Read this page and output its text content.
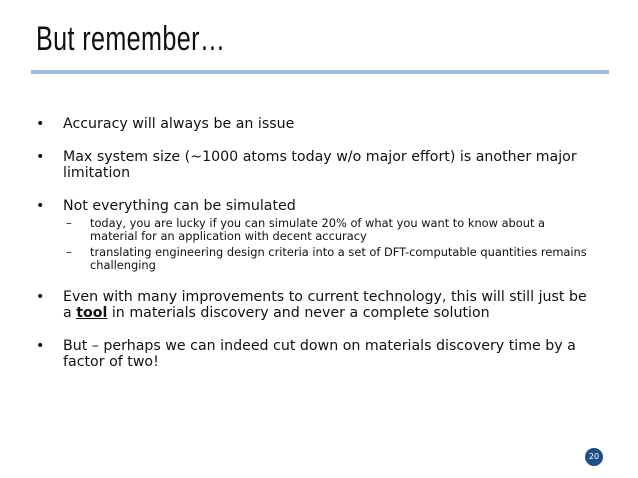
But remember…
• Accuracy will always be an issue
• Max system size (~1000 atoms today w/o major effort) is another major limitation
• Not everything can be simulated
– today, you are lucky if you can simulate 20% of what you want to know about a material for an application with decent accuracy
– translating engineering design criteria into a set of DFT-computable quantities remains challenging
• Even with many improvements to current technology, this will still just be a tool in materials discovery and never a complete solution
• But – perhaps we can indeed cut down on materials discovery time by a factor of two!
20
